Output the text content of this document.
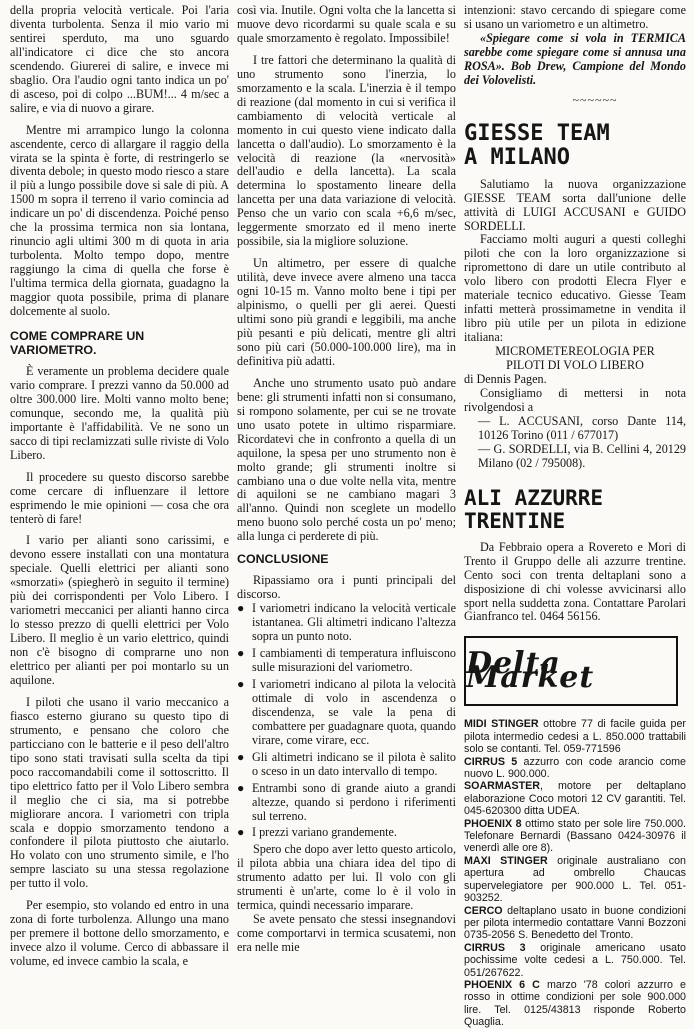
della propria velocità verticale. Poi l'aria diventa turbolenta. Senza il mio vario mi sentirei sperduto, ma uno sguardo all'indicatore ci dice che sto ancora scendendo. Giurerei di salire, e invece mi sbaglio. Ora l'audio ogni tanto indica un po' di asceso, poi di colpo ...BUM!... 4 m/sec a salire, e via di nuovo a girare.

Mentre mi arrampico lungo la colonna ascendente, cerco di allargare il raggio della virata se la spinta è forte, di restringerlo se diventa debole; in questo modo riesco a stare il più a lungo possibile dove si sale di più. A 1500 m sopra il terreno il vario comincia ad indicare un po' di discendenza. Poiché penso che la prossima termica non sia lontana, rinuncio agli ultimi 300 m di quota in aria turbolenta. Molto tempo dopo, mentre raggiungo la cima di quella che forse è l'ultima termica della giornata, guadagno la maggior quota possibile, prima di planare dolcemente al suolo.

COME COMPRARE UN VARIOMETRO.

È veramente un problema decidere quale vario comprare. I prezzi vanno da 50.000 ad oltre 300.000 lire. Molti vanno molto bene; comunque, secondo me, la qualità più importante è l'affidabilità. Ve ne sono un sacco di tipi reclamizzati sulle riviste di Volo Libero.

Il procedere su questo discorso sarebbe come cercare di influenzare il lettore esprimendo le mie opinioni — cosa che ora tenterò di fare!

I vario per alianti sono carissimi, e devono essere installati con una montatura speciale. Quelli elettrici per alianti sono «smorzati» (spiegherò in seguito il termine) più dei corrispondenti per Volo Libero. I variometri meccanici per alianti hanno circa lo stesso prezzo di quelli elettrici per Volo Libero. Il meglio è un vario elettrico, quindi non c'è bisogno di comprarne uno non elettrico per alianti per poi montarlo su un aquilone.

I piloti che usano il vario meccanico a fiasco esterno giurano su questo tipo di strumento, e pensano che coloro che particciano con le batterie e il peso dell'altro tipo sono stati travisati sulla scelta da tipi poco raccomandabili come il sottoscritto. Il tipo elettrico fatto per il Volo Libero sembra il meglio che ci sia, ma si potrebbe migliorare ancora. I variometri con tripla scala e doppio smorzamento tendono a confondere il pilota piuttosto che aiutarlo. Ho volato con uno strumento simile, e l'ho sempre lasciato su una stessa regolazione per tutto il volo.

Per esempio, sto volando ed entro in una zona di forte turbolenza. Allungo una mano per premere il bottone dello smorzamento, e invece alzo il volume. Cerco di abbassare il volume, ed invece cambio la scala, e

così via. Inutile. Ogni volta che la lancetta si muove devo ricordarmi su quale scala e su quale smorzamento è regolato. Impossibile!

I tre fattori che determinano la qualità di uno strumento sono l'inerzia, lo smorzamento e la scala. L'inerzia è il tempo di reazione (dal momento in cui si verifica il cambiamento di velocità verticale al momento in cui questo viene indicato dalla lancetta o dall'audio). Lo smorzamento è la velocità di reazione (la «nervosità» dell'audio e della lancetta). La scala determina lo spostamento lineare della lancetta per una data variazione di velocità. Penso che un vario con scala +6,6 m/sec, leggermente smorzato ed il meno inerte possibile, sia la migliore soluzione.

Un altimetro, per essere di qualche utilità, deve invece avere almeno una tacca ogni 10-15 m. Vanno molto bene i tipi per alpinismo, o quelli per gli aerei. Questi ultimi sono più grandi e leggibili, ma anche più pesanti e più delicati, mentre gli altri sono più cari (50.000-100.000 lire), ma in definitiva più adatti.

Anche uno strumento usato può andare bene: gli strumenti infatti non si consumano, si rompono solamente, per cui se ne trovate uno usato potete in ultimo risparmiare. Ricordatevi che in confronto a quella di un aquilone, la spesa per uno strumento non è molto grande; gli strumenti inoltre si cambiano una o due volte nella vita, mentre di aquiloni se ne cambiano magari 3 all'anno. Quindi non sceglete un modello meno buono solo perché costa un po' meno; alla lunga ci perderete di più.

CONCLUSIONE

Ripassiamo ora i punti principali del discorso.

● I variometri indicano la velocità verticale istantanea. Gli altimetri indicano l'altezza sopra un punto noto.
● I cambiamenti di temperatura influiscono sulle misurazioni del variometro.
● I variometri indicano al pilota la velocità ottimale di volo in ascendenza o discendenza, se vale la pena di combattere per guadagnare quota, quando virare, come virare, ecc.
● Gli altimetri indicano se il pilota è salito o sceso in un dato intervallo di tempo.
● Entrambi sono di grande aiuto a grandi altezze, quando si perdono i riferimenti sul terreno.
● I prezzi variano grandemente.

Spero che dopo aver letto questo articolo, il pilota abbia una chiara idea del tipo di strumento adatto per lui. Il volo con gli strumenti è un'arte, come lo è il volo in termica, quindi necessario imparare.

Se avete pensato che stessi insegnandovi come comportarvi in termica scusatemi, non era nelle mie

intenzioni: stavo cercando di spiegare come si usano un variometro e un altimetro.

«Spiegare come si vola in TERMICA sarebbe come spiegare come si annusa una ROSA». Bob Drew, Campione del Mondo dei Volovelisti.

~~~~~~
GIESSE TEAM
A MILANO

Salutiamo la nuova organizzazione GIESSE TEAM sorta dall'unione delle attività di LUIGI ACCUSANI e GUIDO SORDELLI.

Facciamo molti auguri a questi colleghi piloti che con la loro organizzazione si ripromettono di dare un utile contributo al volo libero con prodotti Elecra Flyer e materiale tecnico educativo. Giesse Team infatti metterà prossimametne in vendita il libro più utile per un pilota in edizione italiana:

MICROMETEREOLOGIA PER

PILOTI DI VOLO LIBERO

di Dennis Pagen.

Consigliamo di mettersi in nota rivolgendosi a

— L. ACCUSANI, corso Dante 114, 10126 Torino (011 / 677017)

— G. SORDELLI, via B. Cellini 4, 20129 Milano (02 / 795008).

ALI AZZURRE
TRENTINE

Da Febbraio opera a Rovereto e Mori di Trento il Gruppo delle ali azzurre trentine. Cento soci con trenta deltaplani sono a disposizione di chi volesse avvicinarsi allo sport nella suddetta zona. Contattare Parolari Gianfranco tel. 0464 56156.

Delta Market

MIDI STINGER ottobre 77 di facile guida per pilota intermedio cedesi a L. 850.000 trattabili solo se contanti. Tel. 059-771596

CIRRUS 5 azzurro con code arancio come nuovo L. 900.000.

SOARMASTER, motore per deltaplano elaborazione Coco motori 12 CV garantiti. Tel. 045-620300 ditta UDEA.

PHOENIX 8 ottimo stato per sole lire 750.000. Telefonare Bernardi (Bassano 0424-30976 il venerdì alle ore 8).

MAXI STINGER originale australiano con apertura ad ombrello Chaucas supervelegiatore per 900.000 L. Tel. 051-903252.

CERCO deltaplano usato in buone condizioni per pilota intermedio contattare Vanni Bozzoni 0735-2056 S. Benedetto del Tronto.

CIRRUS 3 originale americano usato pochissime volte cedesi a L. 750.000. Tel. 051/267622.

PHOENIX 6 C marzo '78 colori azzurro e rosso in ottime condizioni per sole 900.000 lire. Tel. 0125/43813 risponde Roberto Quaglia.
